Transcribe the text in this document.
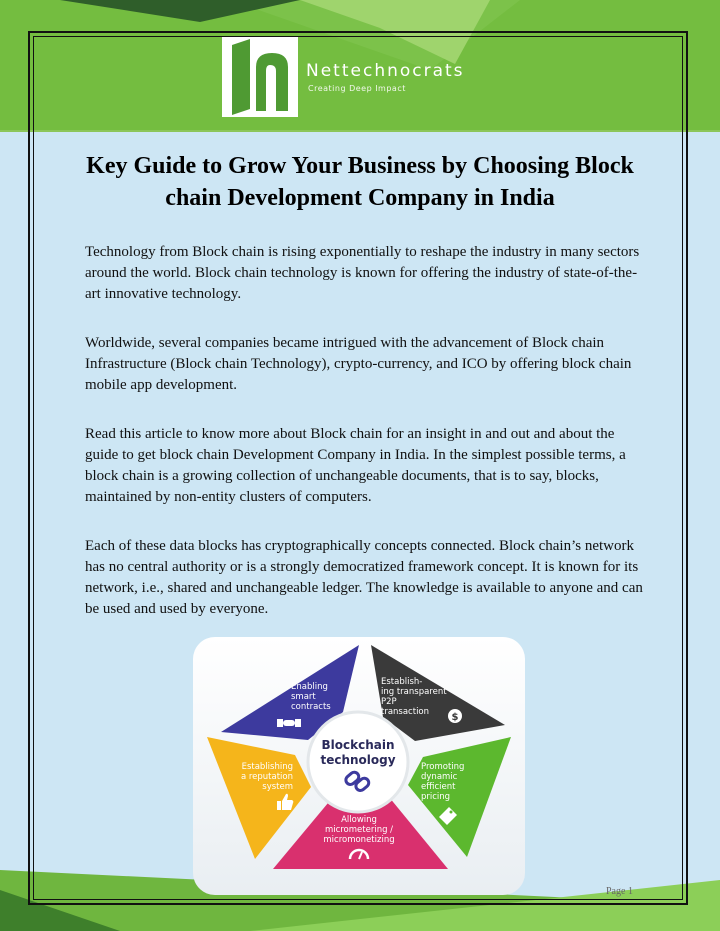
Nettechnocrats
Creating Deep Impact
Key Guide to Grow Your Business by Choosing Block chain Development Company in India

Technology from Block chain is rising exponentially to reshape the industry in many sectors around the world. Block chain technology is known for offering the industry of state-of-the-art innovative technology.

Worldwide, several companies became intrigued with the advancement of Block chain Infrastructure (Block chain Technology), crypto-currency, and ICO by offering block chain mobile app development.

Read this article to know more about Block chain for an insight in and out and about the guide to get block chain Development Company in India. In the simplest possible terms, a block chain is a growing collection of unchangeable documents, that is to say, blocks, maintained by non-entity clusters of computers.

Each of these data blocks has cryptographically concepts connected. Block chain’s network has no central authority or is a strongly democratized framework concept. It is known for its network, i.e., shared and unchangeable ledger. The knowledge is available to anyone and can be used and used by everyone.

Blockchain
technology
Enabling
smart
contracts
Establish-
ing transparent
P2P
transaction
Promoting
dynamic
efficient
pricing
Allowing
micrometering /
micromonetizing
Establishing
a reputation
system
$
Page 1
